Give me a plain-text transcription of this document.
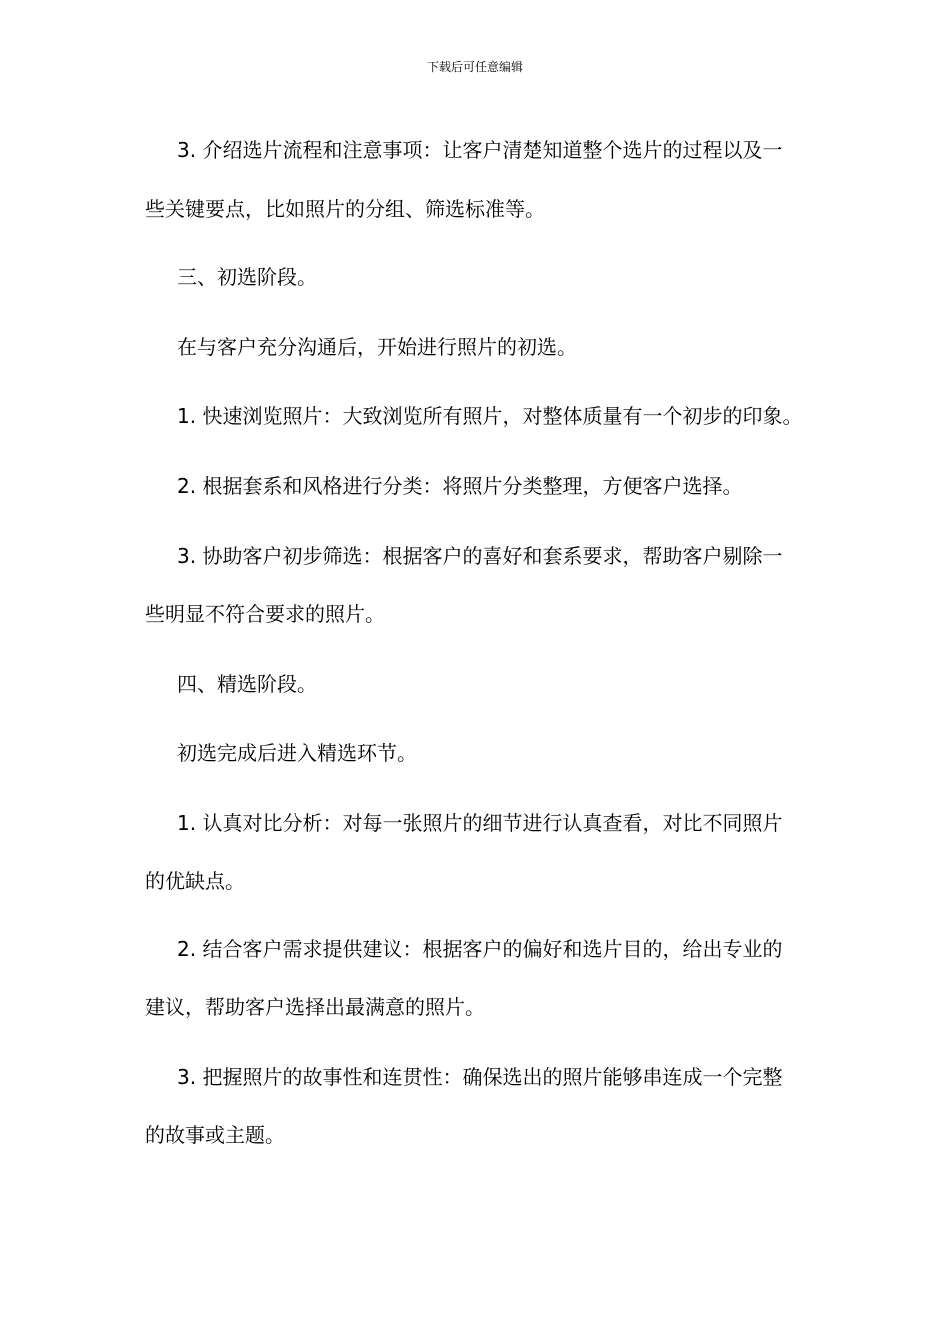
下载后可任意编辑

3. 介绍选片流程和注意事项：让客户清楚知道整个选片的过程以及一

些关键要点，比如照片的分组、筛选标准等。

三、初选阶段。

在与客户充分沟通后，开始进行照片的初选。

1. 快速浏览照片：大致浏览所有照片，对整体质量有一个初步的印象。

2. 根据套系和风格进行分类：将照片分类整理，方便客户选择。

3. 协助客户初步筛选：根据客户的喜好和套系要求，帮助客户剔除一

些明显不符合要求的照片。

四、精选阶段。

初选完成后进入精选环节。

1. 认真对比分析：对每一张照片的细节进行认真查看，对比不同照片

的优缺点。

2. 结合客户需求提供建议：根据客户的偏好和选片目的，给出专业的

建议，帮助客户选择出最满意的照片。

3. 把握照片的故事性和连贯性：确保选出的照片能够串连成一个完整

的故事或主题。
